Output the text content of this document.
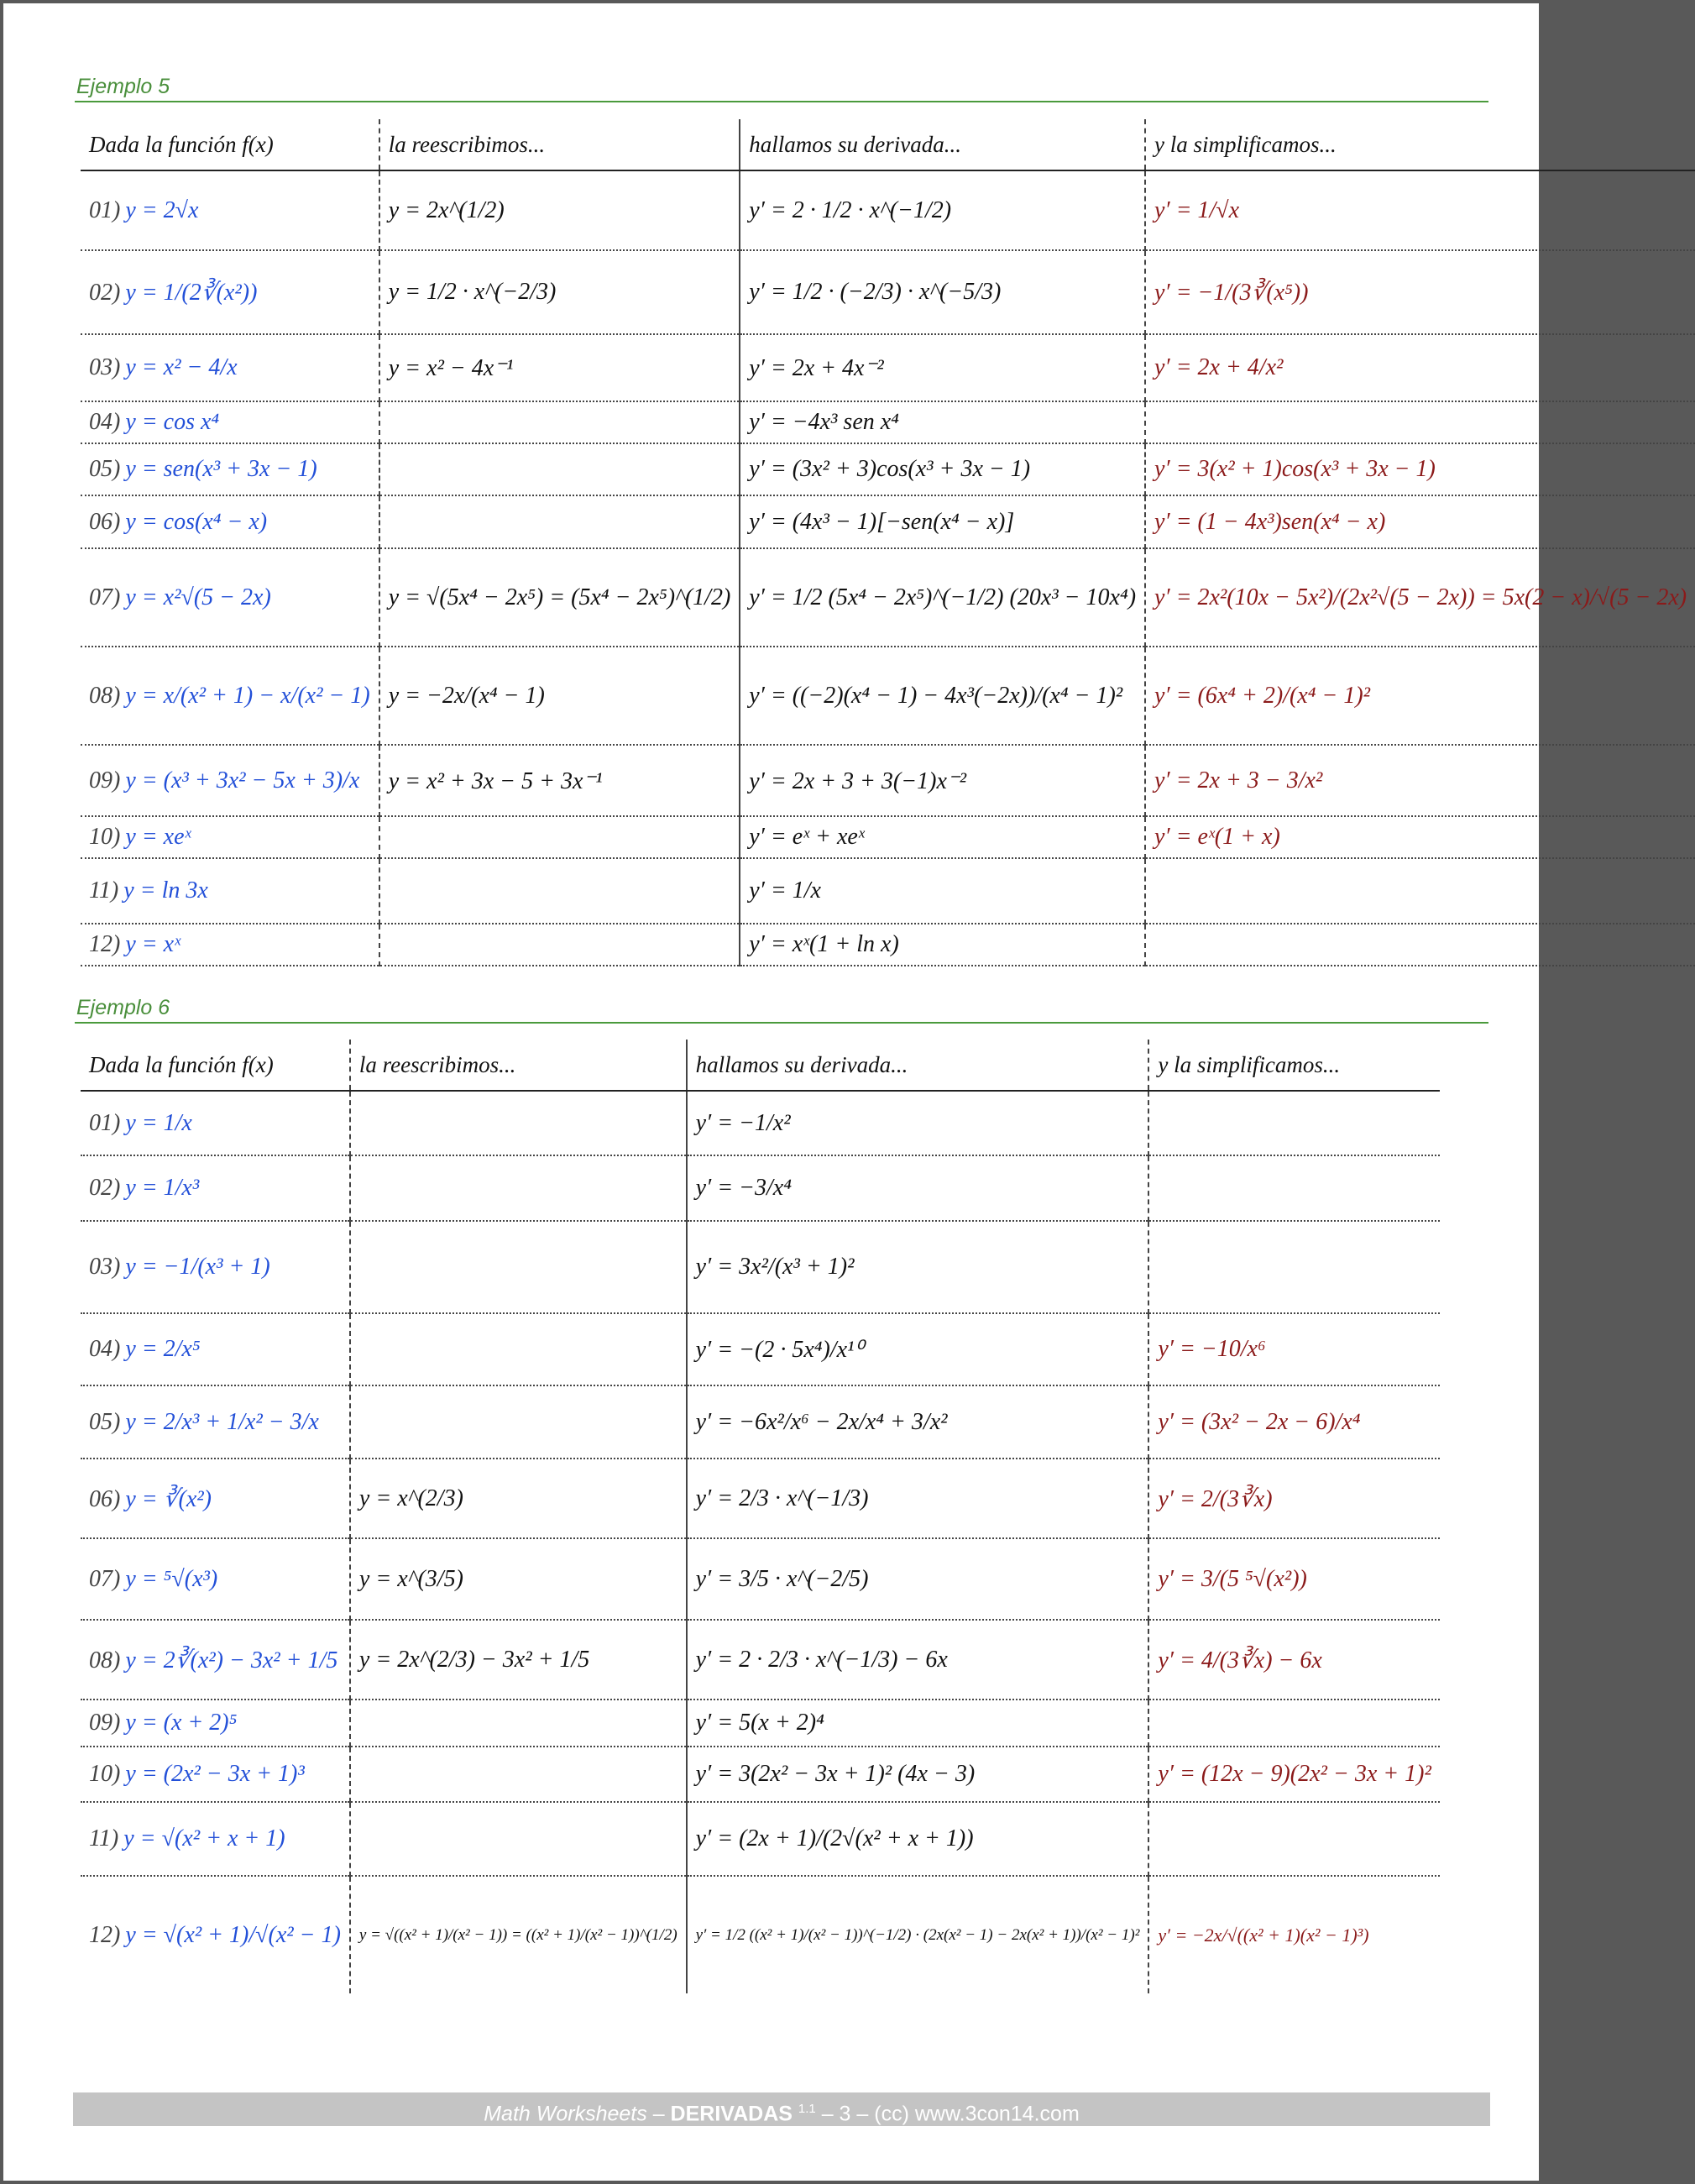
Ejemplo 5
Dada la función f(x)	la reescribimos...	hallamos su derivada...	y la simplificamos...
01) y = 2√x	y = 2x^(1/2)	y′ = 2 · 1/2 · x^(−1/2)	y′ = 1/√x
02) y = 1/(2∛(x²))	y = 1/2 · x^(−2/3)	y′ = 1/2 · (−2/3) · x^(−5/3)	y′ = −1/(3∛(x⁵))
03) y = x² − 4/x	y = x² − 4x⁻¹	y′ = 2x + 4x⁻²	y′ = 2x + 4/x²
04) y = cos x⁴		y′ = −4x³ sen x⁴	
05) y = sen(x³ + 3x − 1)		y′ = (3x² + 3)cos(x³ + 3x − 1)	y′ = 3(x² + 1)cos(x³ + 3x − 1)
06) y = cos(x⁴ − x)		y′ = (4x³ − 1)[−sen(x⁴ − x)]	y′ = (1 − 4x³)sen(x⁴ − x)
07) y = x²√(5 − 2x)	y = √(5x⁴ − 2x⁵) = (5x⁴ − 2x⁵)^(1/2)	y′ = 1/2 (5x⁴ − 2x⁵)^(−1/2) (20x³ − 10x⁴)	y′ = 2x²(10x − 5x²)/(2x²√(5 − 2x)) = 5x(2 − x)/√(5 − 2x)
08) y = x/(x² + 1) − x/(x² − 1)	y = −2x/(x⁴ − 1)	y′ = ((−2)(x⁴ − 1) − 4x³(−2x))/(x⁴ − 1)²	y′ = (6x⁴ + 2)/(x⁴ − 1)²
09) y = (x³ + 3x² − 5x + 3)/x	y = x² + 3x − 5 + 3x⁻¹	y′ = 2x + 3 + 3(−1)x⁻²	y′ = 2x + 3 − 3/x²
10) y = xeˣ		y′ = eˣ + xeˣ	y′ = eˣ(1 + x)
11) y = ln 3x		y′ = 1/x	
12) y = xˣ		y′ = xˣ(1 + ln x)	
Ejemplo 6
Dada la función f(x)	la reescribimos...	hallamos su derivada...	y la simplificamos...
01) y = 1/x		y′ = −1/x²	
02) y = 1/x³		y′ = −3/x⁴	
03) y = −1/(x³ + 1)		y′ = 3x²/(x³ + 1)²	
04) y = 2/x⁵		y′ = −(2 · 5x⁴)/x¹⁰	y′ = −10/x⁶
05) y = 2/x³ + 1/x² − 3/x		y′ = −6x²/x⁶ − 2x/x⁴ + 3/x²	y′ = (3x² − 2x − 6)/x⁴
06) y = ∛(x²)	y = x^(2/3)	y′ = 2/3 · x^(−1/3)	y′ = 2/(3∛x)
07) y = ⁵√(x³)	y = x^(3/5)	y′ = 3/5 · x^(−2/5)	y′ = 3/(5 ⁵√(x²))
08) y = 2∛(x²) − 3x² + 1/5	y = 2x^(2/3) − 3x² + 1/5	y′ = 2 · 2/3 · x^(−1/3) − 6x	y′ = 4/(3∛x) − 6x
09) y = (x + 2)⁵		y′ = 5(x + 2)⁴	
10) y = (2x² − 3x + 1)³		y′ = 3(2x² − 3x + 1)² (4x − 3)	y′ = (12x − 9)(2x² − 3x + 1)²
11) y = √(x² + x + 1)		y′ = (2x + 1)/(2√(x² + x + 1))	
12) y = √(x² + 1)/√(x² − 1)	y = √((x² + 1)/(x² − 1)) = ((x² + 1)/(x² − 1))^(1/2)	y′ = 1/2 ((x² + 1)/(x² − 1))^(−1/2) · (2x(x² − 1) − 2x(x² + 1))/(x² − 1)²	y′ = −2x/√((x² + 1)(x² − 1)³)
Math Worksheets – DERIVADAS $^{1.1}$ – 3 – (cc) www.3con14.com
